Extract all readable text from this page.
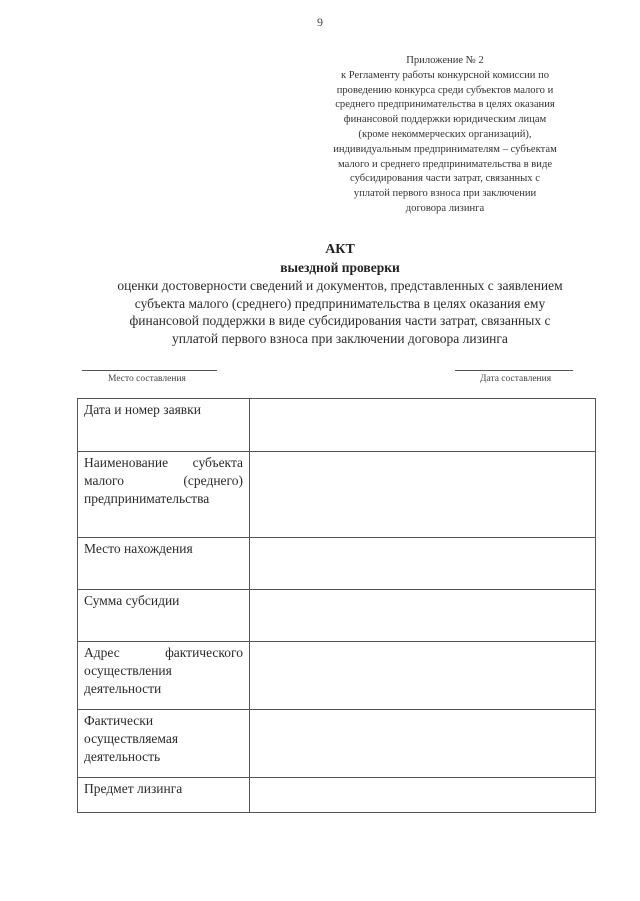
9
Приложение № 2
к Регламенту работы конкурсной комиссии по
проведению конкурса среди субъектов малого и
среднего предпринимательства в целях оказания
финансовой поддержки юридическим лицам
(кроме некоммерческих организаций),
индивидуальным предпринимателям – субъектам
малого и среднего предпринимательства в виде
субсидирования части затрат, связанных с
уплатой первого взноса при заключении
договора лизинга
АКТ
выездной проверки
оценки достоверности сведений и документов, представленных с заявлением
субъекта малого (среднего) предпринимательства в целях оказания ему
финансовой поддержки в виде субсидирования части затрат, связанных с
уплатой первого взноса при заключении договора лизинга
Место составления	Дата составления
Дата и номер заявки	
Наименование субъекта малого (среднего) предпринимательства	
Место нахождения	
Сумма субсидии	
Адрес фактического осуществления деятельности	
Фактически осуществляемая деятельность	
Предмет лизинга	
